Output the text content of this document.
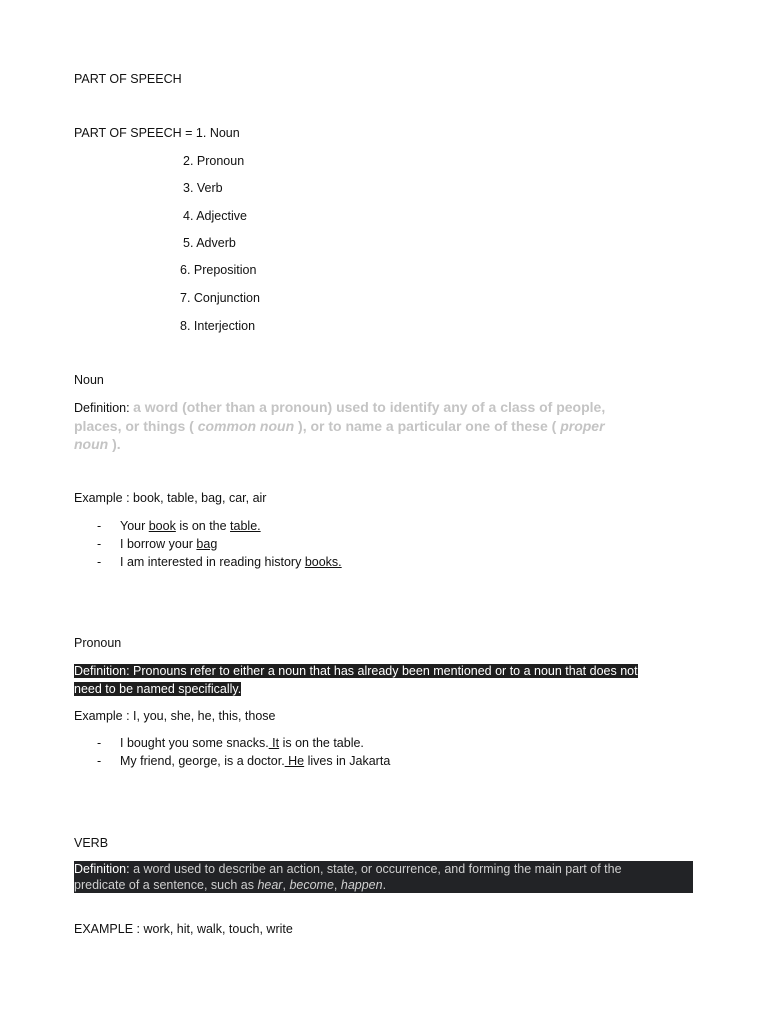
PART OF SPEECH
PART OF SPEECH = 1. Noun
2. Pronoun
3. Verb
4. Adjective
5. Adverb
6. Preposition
7. Conjunction
8. Interjection
Noun
Definition: a word (other than a pronoun) used to identify any of a class of people,
places, or things ( common noun ), or to name a particular one of these ( proper
noun ).
Example : book, table, bag, car, air
- Your book is on the table.
- I borrow your bag
- I am interested in reading history books.
Pronoun
Definition: Pronouns refer to either a noun that has already been mentioned or to a noun that does not
need to be named specifically.
Example : I, you, she, he, this, those
- I bought you some snacks. It is on the table.
- My friend, george, is a doctor. He lives in Jakarta
VERB
Definition: a word used to describe an action, state, or occurrence, and forming the main part of the
predicate of a sentence, such as hear, become, happen.
EXAMPLE : work, hit, walk, touch, write
